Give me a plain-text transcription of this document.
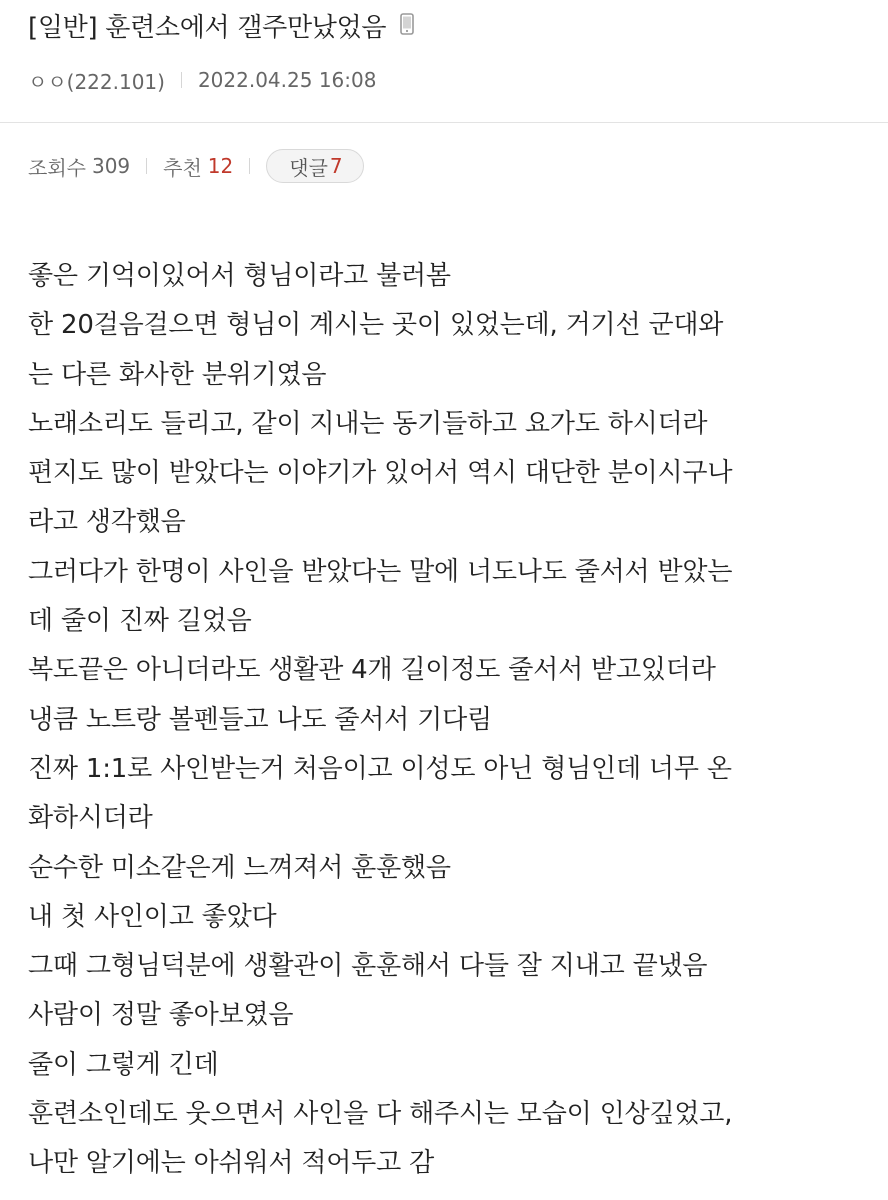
[일반] 훈련소에서 갤주만났었음
ㅇㅇ(222.101) 2022.04.25 16:08
조회수 309 추천 12	댓글 7
좋은 기억이있어서 형님이라고 불러봄
한 20걸음걸으면 형님이 계시는 곳이 있었는데, 거기선 군대와
는 다른 화사한 분위기였음
노래소리도 들리고, 같이 지내는 동기들하고 요가도 하시더라
편지도 많이 받았다는 이야기가 있어서 역시 대단한 분이시구나
라고 생각했음
그러다가 한명이 사인을 받았다는 말에 너도나도 줄서서 받았는
데 줄이 진짜 길었음
복도끝은 아니더라도 생활관 4개 길이정도 줄서서 받고있더라
냉큼 노트랑 볼펜들고 나도 줄서서 기다림
진짜 1:1로 사인받는거 처음이고 이성도 아닌 형님인데 너무 온
화하시더라
순수한 미소같은게 느껴져서 훈훈했음
내 첫 사인이고 좋았다
그때 그형님덕분에 생활관이 훈훈해서 다들 잘 지내고 끝냈음
사람이 정말 좋아보였음
줄이 그렇게 긴데
훈련소인데도 웃으면서 사인을 다 해주시는 모습이 인상깊었고,
나만 알기에는 아쉬워서 적어두고 감
